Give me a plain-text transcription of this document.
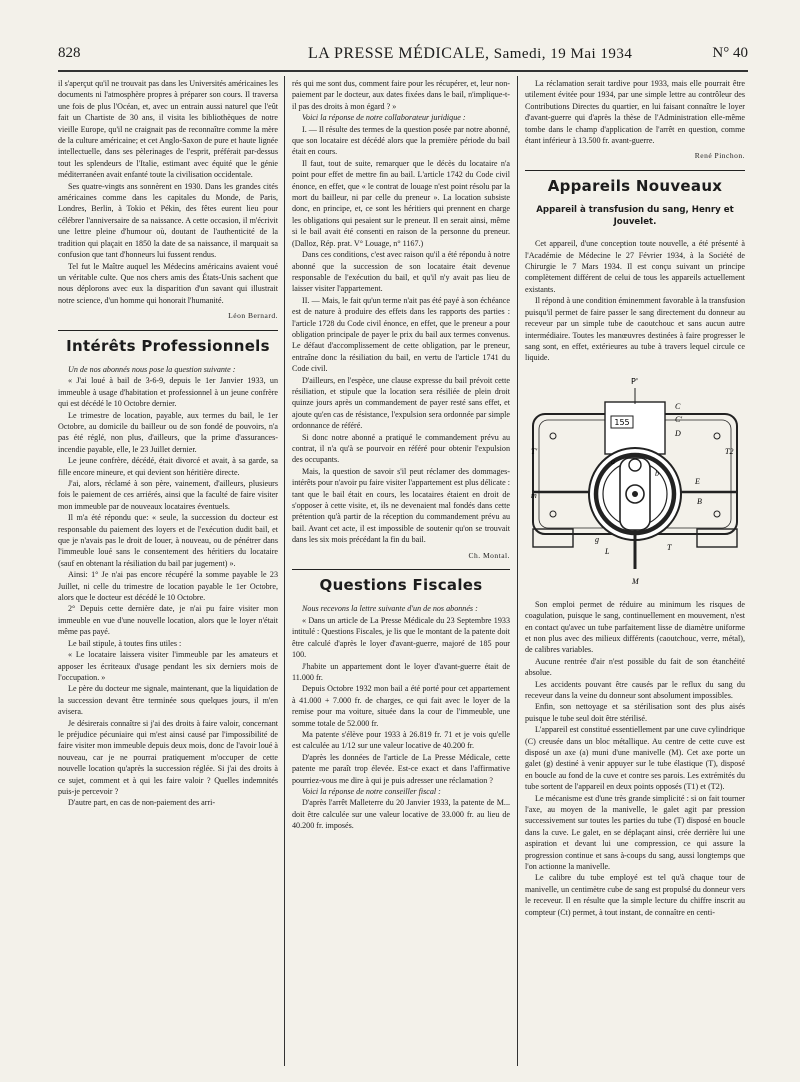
828	LA PRESSE MÉDICALE, Samedi, 19 Mai 1934	N° 40

il s'aperçut qu'il ne trouvait pas dans les Universités américaines les documents ni l'atmosphère propres à préparer son cours. Il traversa une fois de plus l'Océan, et, avec un entrain aussi naturel que l'eût fait un Chartiste de 30 ans, il visita les bibliothèques de notre vieille Europe, qu'il ne craignait pas de reconnaître comme la mère de la culture américaine; et cet Anglo-Saxon de pure et haute lignée intellectuelle, dans ses pèlerinages de l'esprit, préférait par-dessus tout les splendeurs de l'Italie, estimant avec équité que le génie méditerranéen avait enfanté toute la civilisation occidentale.

Ses quatre-vingts ans sonnèrent en 1930. Dans les grandes cités américaines comme dans les capitales du Monde, de Paris, Londres, Berlin, à Tokio et Pékin, des fêtes eurent lieu pour célébrer l'anniversaire de sa naissance. A cette occasion, il m'écrivit une lettre pleine d'humour où, doutant de l'authenticité de la tradition qui plaçait en 1850 la date de sa naissance, il marquait sa confusion que tant d'honneurs lui fussent rendus.

Tel fut le Maître auquel les Médecins américains avaient voué un véritable culte. Que nos chers amis des États-Unis sachent que nous déplorons avec eux la disparition d'un savant qui illustrait notre science, d'un homme qui honorait l'humanité.

Léon Bernard.
Intérêts Professionnels

Un de nos abonnés nous pose la question suivante :

« J'ai loué à bail de 3-6-9, depuis le 1er Janvier 1933, un immeuble à usage d'habitation et professionnel à un jeune confrère qui est décédé le 10 Octobre dernier.

Le trimestre de location, payable, aux termes du bail, le 1er Octobre, au domicile du bailleur ou de son fondé de pouvoirs, n'a pas été réglé, non plus, d'ailleurs, que la prime d'assurances-incendie payable, elle, le 23 Juillet dernier.

Le jeune confrère, décédé, était divorcé et avait, à sa garde, sa fille encore mineure, et qui devient son héritière directe.

J'ai, alors, réclamé à son père, vainement, d'ailleurs, plusieurs fois le paiement de ces arriérés, ainsi que la faculté de faire visiter mon immeuble par de nouveaux locataires éventuels.

Il m'a été répondu que: « seule, la succession du docteur est responsable du paiement des loyers et de l'exécution dudit bail, et que je n'avais pas le droit de louer, à nouveau, ou de pénétrer dans l'immeuble loué sans le consentement des héritiers du locataire (sauf en obtenant la résiliation du bail par jugement) ».

Ainsi: 1° Je n'ai pas encore récupéré la somme payable le 23 Juillet, ni celle du trimestre de location payable le 1er Octobre, alors que le docteur est décédé le 10 Octobre.

2° Depuis cette dernière date, je n'ai pu faire visiter mon immeuble en vue d'une nouvelle location, alors que le loyer n'était même pas payé.

Le bail stipule, à toutes fins utiles :

« Le locataire laissera visiter l'immeuble par les amateurs et apposer les écriteaux d'usage pendant les six derniers mois de l'occupation. »

Le père du docteur me signale, maintenant, que la liquidation de la succession devant être terminée sous quelques jours, il m'en avisera.

Je désirerais connaître si j'ai des droits à faire valoir, concernant le préjudice pécuniaire qui m'est ainsi causé par l'impossibilité de faire visiter mon immeuble depuis deux mois, donc de l'avoir loué à nouveau, car je ne pourrai pratiquement m'occuper de cette nouvelle location qu'après la succession réglée. Si j'ai des droits à ce sujet, comment et à qui les faire valoir ? Quelles indemnités puis-je percevoir ?

D'autre part, en cas de non-paiement des arri-

rés qui me sont dus, comment faire pour les récupérer, et, leur non-paiement par le docteur, aux dates fixées dans le bail, n'implique-t-il pas des droits à mon égard ? »

Voici la réponse de notre collaborateur juridique :

I. — Il résulte des termes de la question posée par notre abonné, que son locataire est décédé alors que la première période du bail était en cours.

Il faut, tout de suite, remarquer que le décès du locataire n'a point pour effet de mettre fin au bail. L'article 1742 du Code civil énonce, en effet, que « le contrat de louage n'est point résolu par la mort du bailleur, ni par celle du preneur ». La location subsiste donc, en principe, et, ce sont les héritiers qui prennent en charge les obligations qui pesaient sur le preneur. Il en serait ainsi, même si le bail avait été consenti en raison de la personne du preneur. (Dalloz, Rép. prat. V° Louage, n° 1167.)

Dans ces conditions, c'est avec raison qu'il a été répondu à notre abonné que la succession de son locataire était devenue responsable de l'exécution du bail, et qu'il n'y avait pas lieu de laisser visiter l'appartement.

II. — Mais, le fait qu'un terme n'ait pas été payé à son échéance est de nature à produire des effets dans les rapports des parties : l'article 1728 du Code civil énonce, en effet, que le preneur a pour obligation principale de payer le prix du bail aux termes convenus. Le défaut d'accomplissement de cette obligation, par le preneur, entraîne donc la résiliation du bail, en vertu de l'article 1741 du Code civil.

D'ailleurs, en l'espèce, une clause expresse du bail prévoit cette résiliation, et stipule que la location sera résiliée de plein droit quinze jours après un commandement de payer resté sans effet, et ajoute qu'en cas de résistance, l'expulsion sera ordonnée par simple ordonnance de référé.

Si donc notre abonné a pratiqué le commandement prévu au contrat, il n'a qu'à se pourvoir en référé pour obtenir l'expulsion des occupants.

Mais, la question de savoir s'il peut réclamer des dommages-intérêts pour n'avoir pu faire visiter l'appartement est plus délicate : tant que le bail était en cours, les locataires étaient en droit de s'opposer à cette visite, et, ils ne devenaient mal fondés dans cette prétention qu'à partir de la réception du commandement prévu au bail. Avant cet acte, il est impossible de soutenir qu'on se trouvait dans les six mois précédant la fin du bail.

Ch. Montal.
Questions Fiscales

Nous recevons la lettre suivante d'un de nos abonnés :

« Dans un article de La Presse Médicale du 23 Septembre 1933 intitulé : Questions Fiscales, je lis que le montant de la patente doit être calculé d'après le loyer d'avant-guerre, majoré de 185 pour 100.

J'habite un appartement dont le loyer d'avant-guerre était de 11.000 fr.

Depuis Octobre 1932 mon bail a été porté pour cet appartement à 41.000 + 7.000 fr. de charges, ce qui fait avec le loyer de la remise pour ma voiture, située dans la cour de l'immeuble, une somme totale de 52.000 fr.

Ma patente s'élève pour 1933 à 26.819 fr. 71 et je vois qu'elle est calculée au 1/12 sur une valeur locative de 40.200 fr.

D'après les données de l'article de La Presse Médicale, cette patente me paraît trop élevée. Est-ce exact et dans l'affirmative pourriez-vous me dire à qui je puis adresser une réclamation ?

Voici la réponse de notre conseiller fiscal :

D'après l'arrêt Malleterre du 20 Janvier 1933, la patente de M... doit être calculée sur une valeur locative de 33.000 fr. au lieu de 40.200 fr. imposés.

La réclamation serait tardive pour 1933, mais elle pourrait être utilement évitée pour 1934, par une simple lettre au contrôleur des Contributions Directes du quartier, en lui faisant connaître le loyer d'avant-guerre qui d'après la thèse de l'Administration elle-même tombe dans le champ d'application de l'arrêt en question, comme étant inférieur à 13.500 fr. avant-guerre.

René Pinchon.
Appareils Nouveaux
Appareil à transfusion du sang, Henry et Jouvelet.

Cet appareil, d'une conception toute nouvelle, a été présenté à l'Académie de Médecine le 27 Février 1934, à la Société de Chirurgie le 7 Mars 1934. Il est conçu suivant un principe complètement différent de celui de tous les appareils actuellement existants.

Il répond à une condition éminemment favorable à la transfusion puisqu'il permet de faire passer le sang directement du donneur au receveur par un simple tube de caoutchouc et sans aucun autre intermédiaire. Toutes les manœuvres destinées à faire progresser le sang sont, en effet, extérieures au tube à travers lequel circule ce liquide.

155
P'
C
C'
D
T'	T2
m
a
b
E
B
g
L	T
M

Son emploi permet de réduire au minimum les risques de coagulation, puisque le sang, continuellement en mouvement, n'est en contact qu'avec un tube parfaitement lisse de diamètre uniforme et non plus avec des milieux différents (caoutchouc, verre, métal), de calibres variables.

Aucune rentrée d'air n'est possible du fait de son étanchéité absolue.

Les accidents pouvant être causés par le reflux du sang du receveur dans la veine du donneur sont absolument impossibles.

Enfin, son nettoyage et sa stérilisation sont des plus aisés puisque le tube seul doit être stérilisé.

L'appareil est constitué essentiellement par une cuve cylindrique (C) creusée dans un bloc métallique. Au centre de cette cuve est disposé un axe (a) muni d'une manivelle (M). Cet axe porte un galet (g) destiné à venir appuyer sur le tube élastique (T), disposé en boucle au fond de la cuve et contre ses parois. Les extrémités du tube sortent de l'appareil en deux points opposés (T1) et (T2).

Le mécanisme est d'une très grande simplicité : si on fait tourner l'axe, au moyen de la manivelle, le galet agit par pression successivement sur toutes les parties du tube (T) disposé en boucle dans la cuve. Le galet, en se déplaçant ainsi, crée derrière lui une aspiration et devant lui une compression, ce qui assure la progression continue et sans à-coups du sang, aussi longtemps que l'on actionne la manivelle.

Le calibre du tube employé est tel qu'à chaque tour de manivelle, un centimètre cube de sang est propulsé du donneur vers le receveur. Il en résulte que la simple lecture du chiffre inscrit au compteur (Ct) permet, à tout instant, de connaître en centi-
